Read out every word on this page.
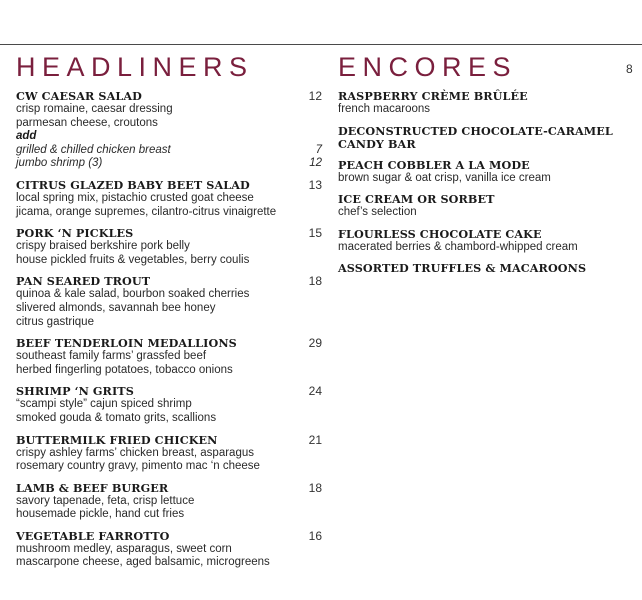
HEADLINERS	ENCORES	8
CW CAESAR SALAD	12
crisp romaine, caesar dressing
parmesan cheese, croutons
add
grilled & chilled chicken breast	7
jumbo shrimp (3)	12
CITRUS GLAZED BABY BEET SALAD	13
local spring mix, pistachio crusted goat cheese
jicama, orange supremes, cilantro-citrus vinaigrette
PORK ‘N PICKLES	15
crispy braised berkshire pork belly
house pickled fruits & vegetables, berry coulis
PAN SEARED TROUT	18
quinoa & kale salad, bourbon soaked cherries
slivered almonds, savannah bee honey
citrus gastrique
BEEF TENDERLOIN MEDALLIONS	29
southeast family farms’ grassfed beef
herbed fingerling potatoes, tobacco onions
SHRIMP ‘N GRITS	24
“scampi style” cajun spiced shrimp
smoked gouda & tomato grits, scallions
BUTTERMILK FRIED CHICKEN	21
crispy ashley farms’ chicken breast, asparagus
rosemary country gravy, pimento mac ‘n cheese
LAMB & BEEF BURGER	18
savory tapenade, feta, crisp lettuce
housemade pickle, hand cut fries
VEGETABLE FARROTTO	16
mushroom medley, asparagus, sweet corn
mascarpone cheese, aged balsamic, microgreens
RASPBERRY CRÈME BRÛLÉE
french macaroons
DECONSTRUCTED CHOCOLATE-CARAMEL
CANDY BAR
PEACH COBBLER A LA MODE
brown sugar & oat crisp, vanilla ice cream
ICE CREAM OR SORBET
chef’s selection
FLOURLESS CHOCOLATE CAKE
macerated berries & chambord-whipped cream
ASSORTED TRUFFLES & MACAROONS
